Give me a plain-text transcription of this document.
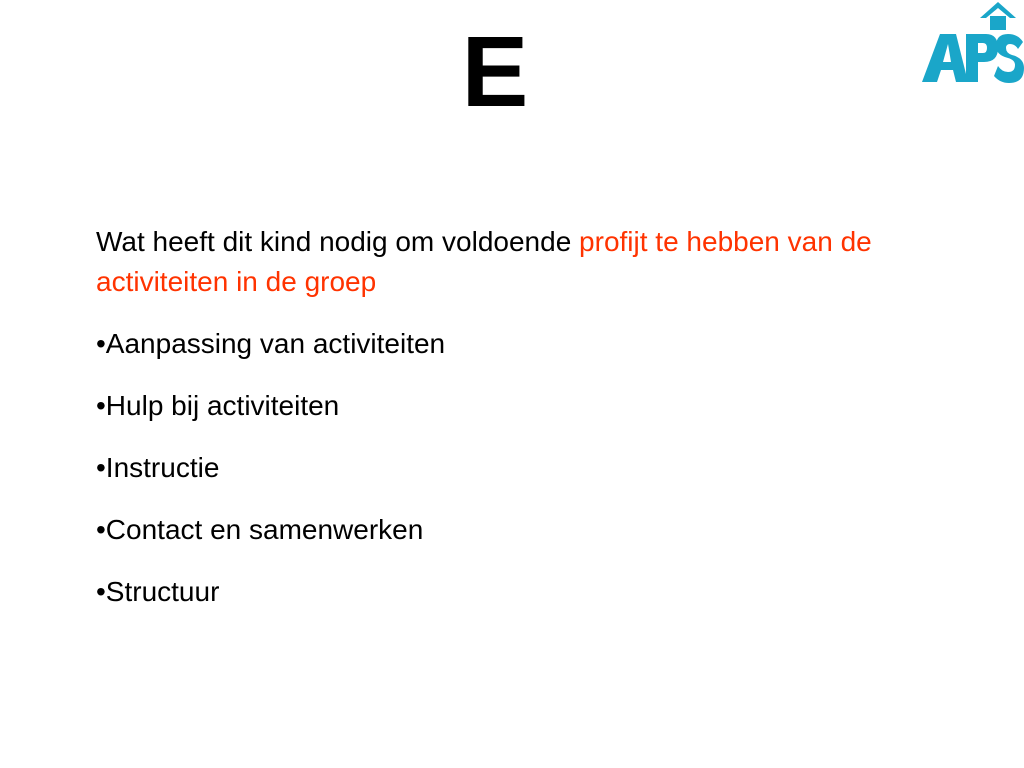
E

Wat heeft dit kind nodig om voldoende profijt te hebben van de activiteiten in de groep

•Aanpassing van activiteiten
•Hulp bij activiteiten
•Instructie
•Contact en samenwerken
•Structuur
